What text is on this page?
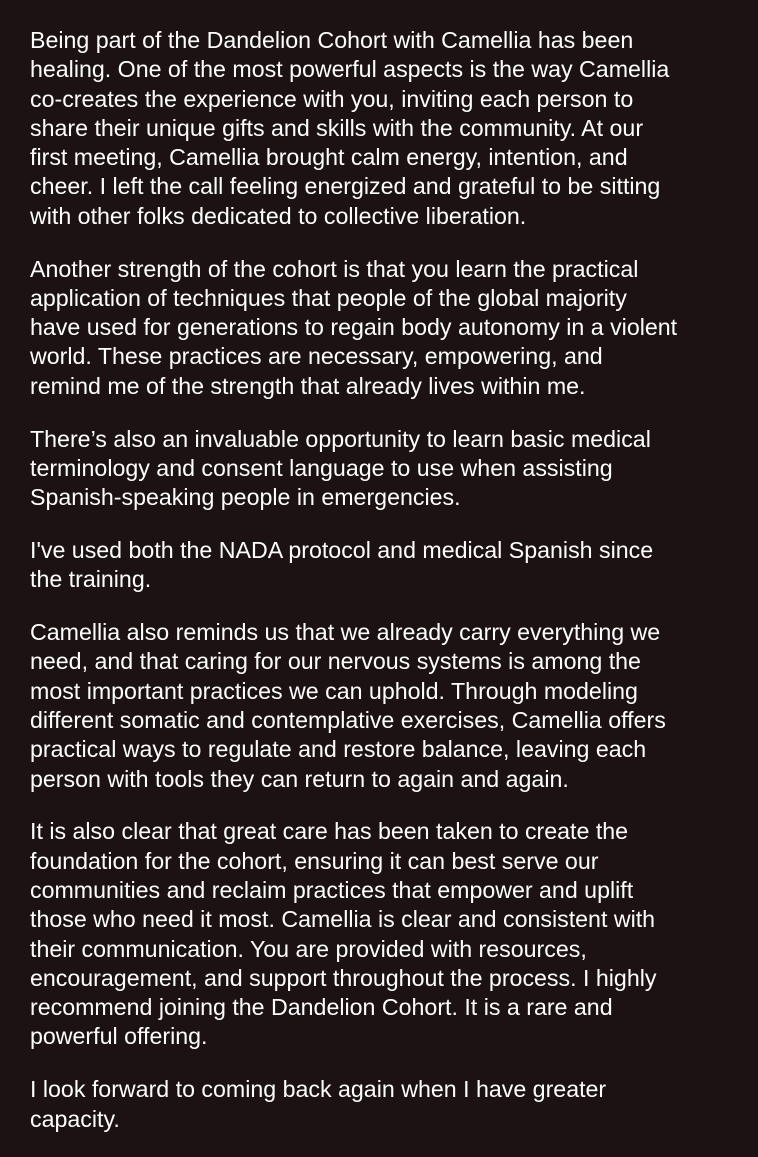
Being part of the Dandelion Cohort with Camellia has been
healing. One of the most powerful aspects is the way Camellia
co-creates the experience with you, inviting each person to
share their unique gifts and skills with the community. At our
first meeting, Camellia brought calm energy, intention, and
cheer. I left the call feeling energized and grateful to be sitting
with other folks dedicated to collective liberation.

Another strength of the cohort is that you learn the practical
application of techniques that people of the global majority
have used for generations to regain body autonomy in a violent
world. These practices are necessary, empowering, and
remind me of the strength that already lives within me.

There’s also an invaluable opportunity to learn basic medical
terminology and consent language to use when assisting
Spanish-speaking people in emergencies.

I've used both the NADA protocol and medical Spanish since
the training.

Camellia also reminds us that we already carry everything we
need, and that caring for our nervous systems is among the
most important practices we can uphold. Through modeling
different somatic and contemplative exercises, Camellia offers
practical ways to regulate and restore balance, leaving each
person with tools they can return to again and again.

It is also clear that great care has been taken to create the
foundation for the cohort, ensuring it can best serve our
communities and reclaim practices that empower and uplift
those who need it most. Camellia is clear and consistent with
their communication. You are provided with resources,
encouragement, and support throughout the process. I highly
recommend joining the Dandelion Cohort. It is a rare and
powerful offering.

I look forward to coming back again when I have greater
capacity.
